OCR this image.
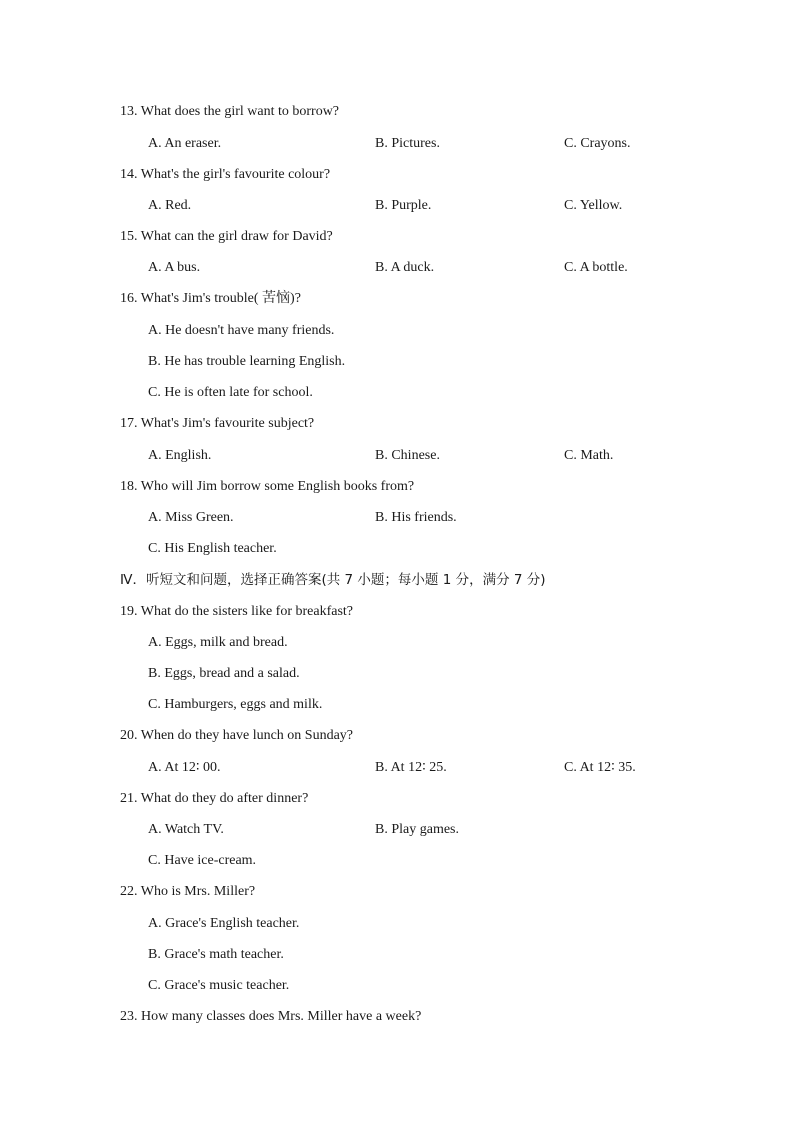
13. What does the girl want to borrow?
A. An eraser.	B. Pictures.	C. Crayons.
14. What's the girl's favourite colour?
A. Red.	B. Purple.	C. Yellow.
15. What can the girl draw for David?
A. A bus.	B. A duck.	C. A bottle.
16. What's Jim's trouble( 苦恼)?
A. He doesn't have many friends.
B. He has trouble learning English.
C. He is often late for school.
17. What's Jim's favourite subject?
A. English.	B. Chinese.	C. Math.
18. Who will Jim borrow some English books from?
A. Miss Green.	B. His friends.
C. His English teacher.
Ⅳ．听短文和问题，选择正确答案(共 7 小题；每小题 1 分，满分 7 分)
19. What do the sisters like for breakfast?
A. Eggs, milk and bread.
B. Eggs, bread and a salad.
C. Hamburgers, eggs and milk.
20. When do they have lunch on Sunday?
A. At 12∶ 00.	B. At 12∶ 25.	C. At 12∶ 35.
21. What do they do after dinner?
A. Watch TV.	B. Play games.
C. Have ice-cream.
22. Who is Mrs. Miller?
A. Grace's English teacher.
B. Grace's math teacher.
C. Grace's music teacher.
23. How many classes does Mrs. Miller have a week?
